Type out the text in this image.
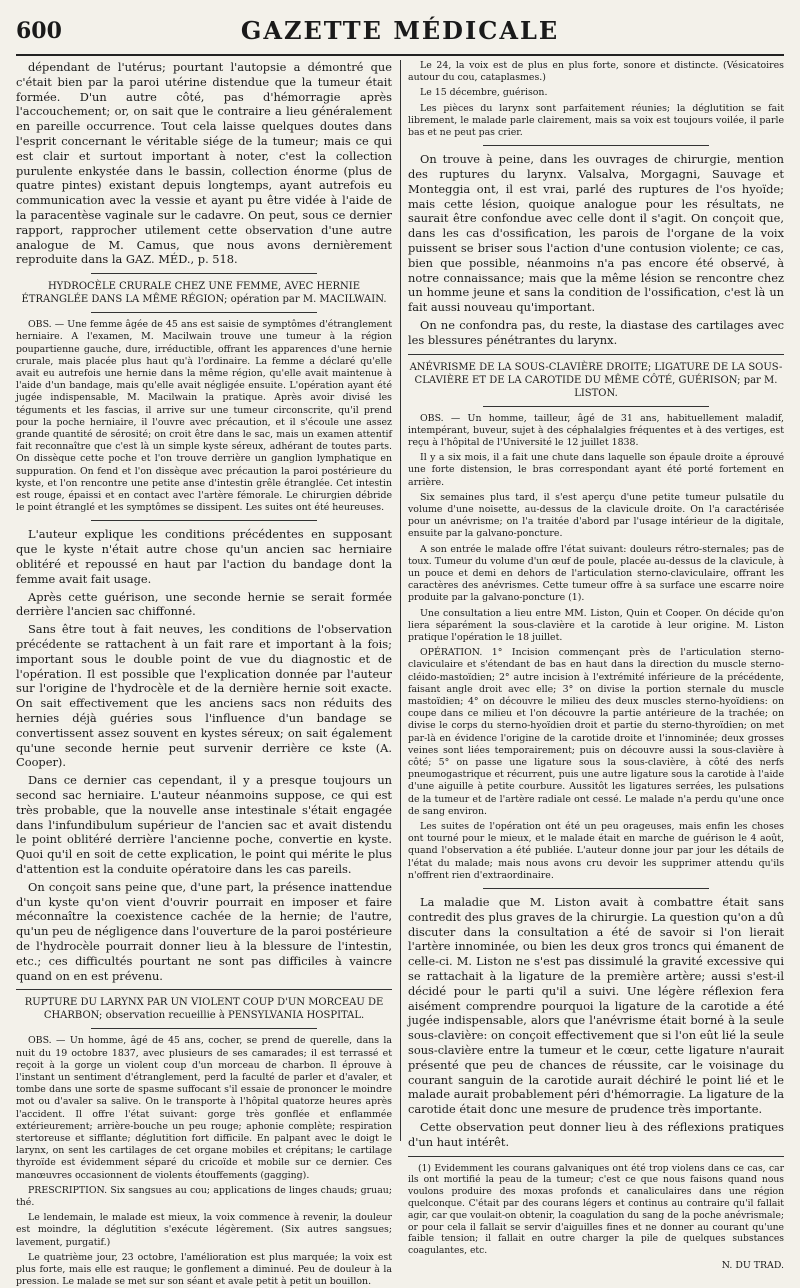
600	GAZETTE MÉDICALE

dépendant de l'utérus; pourtant l'autopsie a démontré que c'était bien par la paroi utérine distendue que la tumeur était formée. D'un autre côté, pas d'hémorragie après l'accouchement; or, on sait que le contraire a lieu généralement en pareille occurrence. Tout cela laisse quelques doutes dans l'esprit concernant le véritable siége de la tumeur; mais ce qui est clair et surtout important à noter, c'est la collection purulente enkystée dans le bassin, collection énorme (plus de quatre pintes) existant depuis longtemps, ayant autrefois eu communication avec la vessie et ayant pu être vidée à l'aide de la paracentèse vaginale sur le cadavre. On peut, sous ce dernier rapport, rapprocher utilement cette observation d'une autre analogue de M. Camus, que nous avons dernièrement reproduite dans la GAZ. MÉD., p. 518.

HYDROCÈLE CRURALE CHEZ UNE FEMME, AVEC HERNIE ÉTRANGLÉE DANS LA MÊME RÉGION; opération par M. MACILWAIN.

OBS. — Une femme âgée de 45 ans est saisie de symptômes d'étranglement herniaire. A l'examen, M. Macilwain trouve une tumeur à la région poupartienne gauche, dure, irréductible, offrant les apparences d'une hernie crurale, mais placée plus haut qu'à l'ordinaire. La femme a déclaré qu'elle avait eu autrefois une hernie dans la même région, qu'elle avait maintenue à l'aide d'un bandage, mais qu'elle avait négligée ensuite. L'opération ayant été jugée indispensable, M. Macilwain la pratique. Après avoir divisé les téguments et les fascias, il arrive sur une tumeur circonscrite, qu'il prend pour la poche herniaire, il l'ouvre avec précaution, et il s'écoule une assez grande quantité de sérosité; on croit être dans le sac, mais un examen attentif fait reconnaître que c'est là un simple kyste séreux, adhérant de toutes parts. On dissèque cette poche et l'on trouve derrière un ganglion lymphatique en suppuration. On fend et l'on dissèque avec précaution la paroi postérieure du kyste, et l'on rencontre une petite anse d'intestin grêle étranglée. Cet intestin est rouge, épaissi et en contact avec l'artère fémorale. Le chirurgien débride le point étranglé et les symptômes se dissipent. Les suites ont été heureuses.

L'auteur explique les conditions précédentes en supposant que le kyste n'était autre chose qu'un ancien sac herniaire oblitéré et repoussé en haut par l'action du bandage dont la femme avait fait usage.

Après cette guérison, une seconde hernie se serait formée derrière l'ancien sac chiffonné.

Sans être tout à fait neuves, les conditions de l'observation précédente se rattachent à un fait rare et important à la fois; important sous le double point de vue du diagnostic et de l'opération. Il est possible que l'explication donnée par l'auteur sur l'origine de l'hydrocèle et de la dernière hernie soit exacte. On sait effectivement que les anciens sacs non réduits des hernies déjà guéries sous l'influence d'un bandage se convertissent assez souvent en kystes séreux; on sait également qu'une seconde hernie peut survenir derrière ce kste (A. Cooper).

Dans ce dernier cas cependant, il y a presque toujours un second sac herniaire. L'auteur néanmoins suppose, ce qui est très probable, que la nouvelle anse intestinale s'était engagée dans l'infundibulum supérieur de l'ancien sac et avait distendu le point oblitéré derrière l'ancienne poche, convertie en kyste. Quoi qu'il en soit de cette explication, le point qui mérite le plus d'attention est la conduite opératoire dans les cas pareils.

On conçoit sans peine que, d'une part, la présence inattendue d'un kyste qu'on vient d'ouvrir pourrait en imposer et faire méconnaître la coexistence cachée de la hernie; de l'autre, qu'un peu de négligence dans l'ouverture de la paroi postérieure de l'hydrocèle pourrait donner lieu à la blessure de l'intestin, etc.; ces difficultés pourtant ne sont pas difficiles à vaincre quand on en est prévenu.

RUPTURE DU LARYNX PAR UN VIOLENT COUP D'UN MORCEAU DE CHARBON; observation recueillie à PENSYLVANIA HOSPITAL.

OBS. — Un homme, âgé de 45 ans, cocher, se prend de querelle, dans la nuit du 19 octobre 1837, avec plusieurs de ses camarades; il est terrassé et reçoit à la gorge un violent coup d'un morceau de charbon. Il éprouve à l'instant un sentiment d'étranglement, perd la faculté de parler et d'avaler, et tombe dans une sorte de spasme suffocant s'il essaie de prononcer le moindre mot ou d'avaler sa salive. On le transporte à l'hôpital quatorze heures après l'accident. Il offre l'état suivant: gorge très gonflée et enflammée extérieurement; arrière-bouche un peu rouge; aphonie complète; respiration stertoreuse et sifflante; déglutition fort difficile. En palpant avec le doigt le larynx, on sent les cartilages de cet organe mobiles et crépitans; le cartilage thyroïde est évidemment séparé du cricoïde et mobile sur ce dernier. Ces manœuvres occasionnent de violents étouffements (gagging).

PRESCRIPTION. Six sangsues au cou; applications de linges chauds; gruau; thé.

Le lendemain, le malade est mieux, la voix commence à revenir, la douleur est moindre, la déglutition s'exécute légèrement. (Six autres sangsues; lavement, purgatif.)

Le quatrième jour, 23 octobre, l'amélioration est plus marquée; la voix est plus forte, mais elle est rauque; le gonflement a diminué. Peu de douleur à la pression. Le malade se met sur son séant et avale petit à petit un bouillon.

Le 24, la voix est de plus en plus forte, sonore et distincte. (Vésicatoires autour du cou, cataplasmes.)

Le 15 décembre, guérison.

Les pièces du larynx sont parfaitement réunies; la déglutition se fait librement, le malade parle clairement, mais sa voix est toujours voilée, il parle bas et ne peut pas crier.

On trouve à peine, dans les ouvrages de chirurgie, mention des ruptures du larynx. Valsalva, Morgagni, Sauvage et Monteggia ont, il est vrai, parlé des ruptures de l'os hyoïde; mais cette lésion, quoique analogue pour les résultats, ne saurait être confondue avec celle dont il s'agit. On conçoit que, dans les cas d'ossification, les parois de l'organe de la voix puissent se briser sous l'action d'une contusion violente; ce cas, bien que possible, néanmoins n'a pas encore été observé, à notre connaissance; mais que la même lésion se rencontre chez un homme jeune et sans la condition de l'ossification, c'est là un fait aussi nouveau qu'important.

On ne confondra pas, du reste, la diastase des cartilages avec les blessures pénétrantes du larynx.

ANÉVRISME DE LA SOUS-CLAVIÈRE DROITE; LIGATURE DE LA SOUS-CLAVIÈRE ET DE LA CAROTIDE DU MÊME CÔTÉ, GUÉRISON; par M. LISTON.

OBS. — Un homme, tailleur, âgé de 31 ans, habituellement maladif, intempérant, buveur, sujet à des céphalalgies fréquentes et à des vertiges, est reçu à l'hôpital de l'Université le 12 juillet 1838.

Il y a six mois, il a fait une chute dans laquelle son épaule droite a éprouvé une forte distension, le bras correspondant ayant été porté fortement en arrière.

Six semaines plus tard, il s'est aperçu d'une petite tumeur pulsatile du volume d'une noisette, au-dessus de la clavicule droite. On l'a caractérisée pour un anévrisme; on l'a traitée d'abord par l'usage intérieur de la digitale, ensuite par la galvano-poncture.

A son entrée le malade offre l'état suivant: douleurs rétro-sternales; pas de toux. Tumeur du volume d'un œuf de poule, placée au-dessus de la clavicule, à un pouce et demi en dehors de l'articulation sterno-claviculaire, offrant les caractères des anévrismes. Cette tumeur offre à sa surface une escarre noire produite par la galvano-poncture (1).

Une consultation a lieu entre MM. Liston, Quin et Cooper. On décide qu'on liera séparément la sous-clavière et la carotide à leur origine. M. Liston pratique l'opération le 18 juillet.

OPÉRATION. 1° Incision commençant près de l'articulation sterno-claviculaire et s'étendant de bas en haut dans la direction du muscle sterno-cléido-mastoïdien; 2° autre incision à l'extrémité inférieure de la précédente, faisant angle droit avec elle; 3° on divise la portion sternale du muscle mastoïdien; 4° on découvre le milieu des deux muscles sterno-hyoïdiens: on coupe dans ce milieu et l'on découvre la partie antérieure de la trachée; on divise le corps du sterno-hyoïdien droit et partie du sterno-thyroïdien; on met par-là en évidence l'origine de la carotide droite et l'innominée; deux grosses veines sont liées temporairement; puis on découvre aussi la sous-clavière à côté; 5° on passe une ligature sous la sous-clavière, à côté des nerfs pneumogastrique et récurrent, puis une autre ligature sous la carotide à l'aide d'une aiguille à petite courbure. Aussitôt les ligatures serrées, les pulsations de la tumeur et de l'artère radiale ont cessé. Le malade n'a perdu qu'une once de sang environ.

Les suites de l'opération ont été un peu orageuses, mais enfin les choses ont tourné pour le mieux, et le malade était en marche de guérison le 4 août, quand l'observation a été publiée. L'auteur donne jour par jour les détails de l'état du malade; mais nous avons cru devoir les supprimer attendu qu'ils n'offrent rien d'extraordinaire.

La maladie que M. Liston avait à combattre était sans contredit des plus graves de la chirurgie. La question qu'on a dû discuter dans la consultation a été de savoir si l'on lierait l'artère innominée, ou bien les deux gros troncs qui émanent de celle-ci. M. Liston ne s'est pas dissimulé la gravité excessive qui se rattachait à la ligature de la première artère; aussi s'est-il décidé pour le parti qu'il a suivi. Une légère réflexion fera aisément comprendre pourquoi la ligature de la carotide a été jugée indispensable, alors que l'anévrisme était borné à la seule sous-clavière: on conçoit effectivement que si l'on eût lié la seule sous-clavière entre la tumeur et le cœur, cette ligature n'aurait présenté que peu de chances de réussite, car le voisinage du courant sanguin de la carotide aurait déchiré le point lié et le malade aurait probablement péri d'hémorragie. La ligature de la carotide était donc une mesure de prudence très importante.

Cette observation peut donner lieu à des réflexions pratiques d'un haut intérêt.

(1) Evidemment les courans galvaniques ont été trop violens dans ce cas, car ils ont mortifié la peau de la tumeur; c'est ce que nous faisons quand nous voulons produire des moxas profonds et canaliculaires dans une région quelconque. C'était par des courans légers et continus au contraire qu'il fallait agir, car que voulait-on obtenir, la coagulation du sang de la poche anévrismale; or pour cela il fallait se servir d'aiguilles fines et ne donner au courant qu'une faible tension; il fallait en outre charger la pile de quelques substances coagulantes, etc.

N. DU TRAD.
